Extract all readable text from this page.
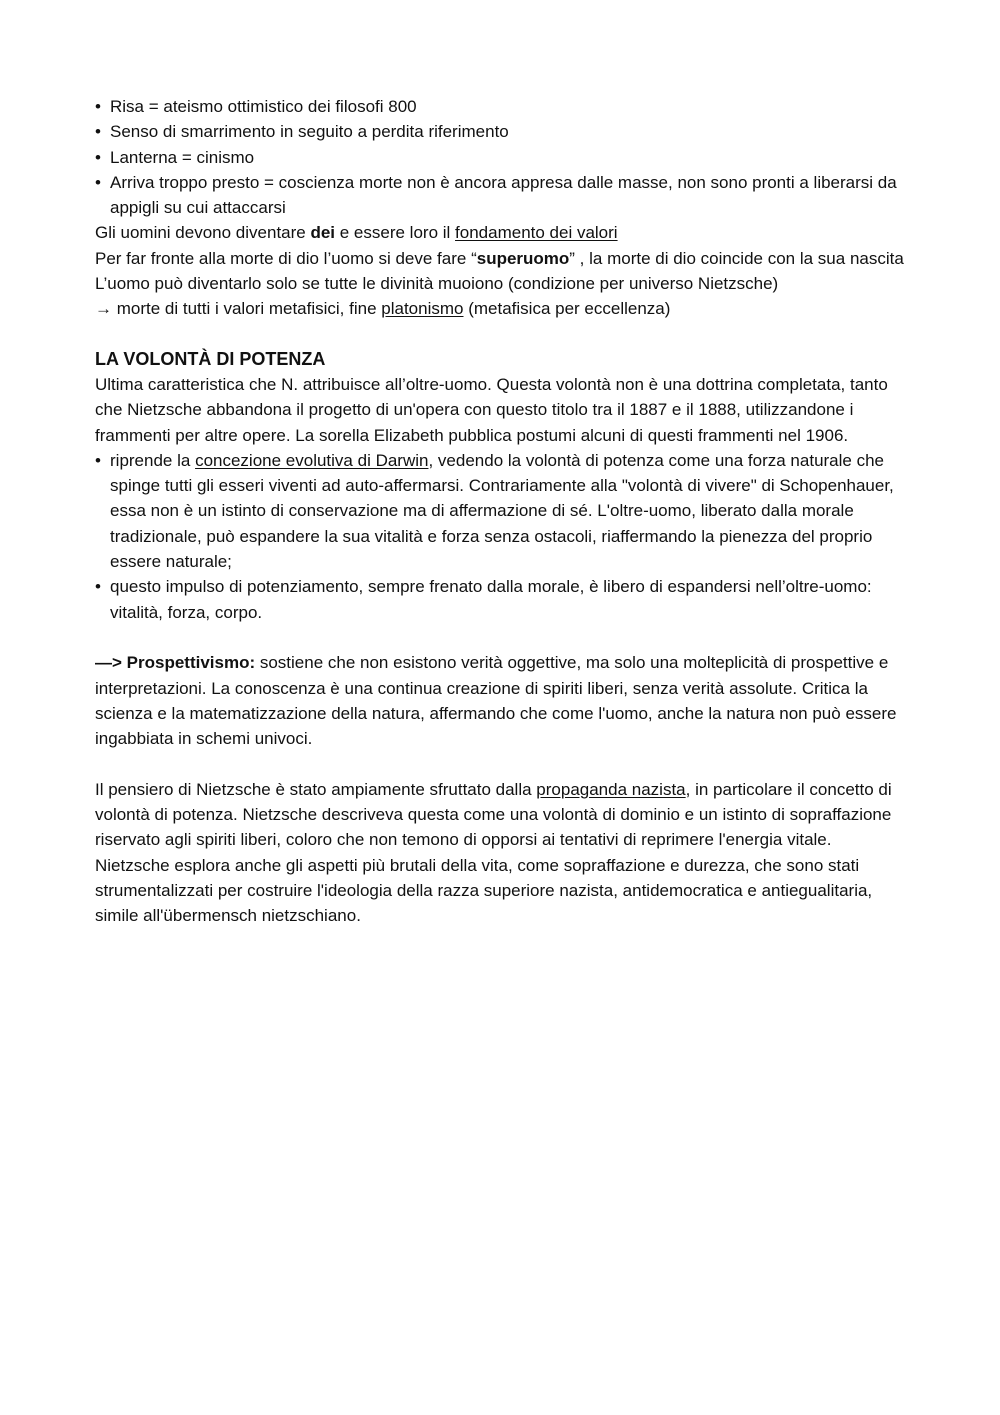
• Risa = ateismo ottimistico dei filosofi 800
• Senso di smarrimento in seguito a perdita riferimento
• Lanterna = cinismo
• Arriva troppo presto = coscienza morte non è ancora appresa dalle masse, non sono pronti a liberarsi da appigli su cui attaccarsi

Gli uomini devono diventare dei e essere loro il fondamento dei valori

Per far fronte alla morte di dio l’uomo si deve fare “superuomo” , la morte di dio coincide con la sua nascita

L’uomo può diventarlo solo se tutte le divinità muoiono (condizione per universo Nietzsche)

→ morte di tutti i valori metafisici, fine platonismo (metafisica per eccellenza)

LA VOLONTÀ DI POTENZA

Ultima caratteristica che N. attribuisce all’oltre-uomo. Questa volontà non è una dottrina completata, tanto che Nietzsche abbandona il progetto di un'opera con questo titolo tra il 1887 e il 1888, utilizzandone i frammenti per altre opere. La sorella Elizabeth pubblica postumi alcuni di questi frammenti nel 1906.

• riprende la concezione evolutiva di Darwin, vedendo la volontà di potenza come una forza naturale che spinge tutti gli esseri viventi ad auto-affermarsi. Contrariamente alla "volontà di vivere" di Schopenhauer, essa non è un istinto di conservazione ma di affermazione di sé. L'oltre-uomo, liberato dalla morale tradizionale, può espandere la sua vitalità e forza senza ostacoli, riaffermando la pienezza del proprio essere naturale;
• questo impulso di potenziamento, sempre frenato dalla morale, è libero di espandersi nell’oltre-uomo: vitalità, forza, corpo.

—> Prospettivismo: sostiene che non esistono verità oggettive, ma solo una molteplicità di prospettive e interpretazioni. La conoscenza è una continua creazione di spiriti liberi, senza verità assolute. Critica la scienza e la matematizzazione della natura, affermando che come l'uomo, anche la natura non può essere ingabbiata in schemi univoci.

Il pensiero di Nietzsche è stato ampiamente sfruttato dalla propaganda nazista, in particolare il concetto di volontà di potenza. Nietzsche descriveva questa come una volontà di dominio e un istinto di sopraffazione riservato agli spiriti liberi, coloro che non temono di opporsi ai tentativi di reprimere l'energia vitale.

Nietzsche esplora anche gli aspetti più brutali della vita, come sopraffazione e durezza, che sono stati strumentalizzati per costruire l'ideologia della razza superiore nazista, antidemocratica e antiegualitaria, simile all'übermensch nietzschiano.
